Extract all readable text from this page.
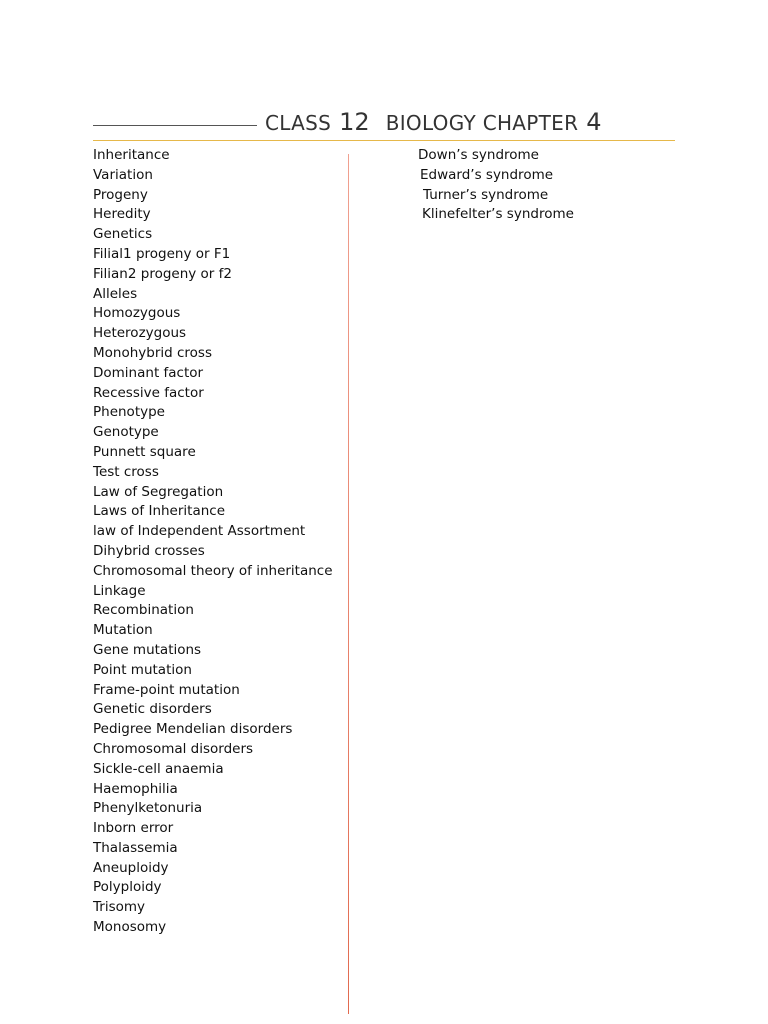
CLASS 12 BIOLOGY CHAPTER 4
Inheritance
Variation
Progeny
Heredity
Genetics
Filial1 progeny or F1
Filian2 progeny or f2
Alleles
Homozygous
Heterozygous
Monohybrid cross
Dominant factor
Recessive factor
Phenotype
Genotype
Punnett square
Test cross
Law of Segregation
Laws of Inheritance
law of Independent Assortment
Dihybrid crosses
Chromosomal theory of inheritance
Linkage
Recombination
Mutation
Gene mutations
Point mutation
Frame-point mutation
Genetic disorders
Pedigree Mendelian disorders
Chromosomal disorders
Sickle-cell anaemia
Haemophilia
Phenylketonuria
Inborn error
Thalassemia
Aneuploidy
Polyploidy
Trisomy
Monosomy
Down’s syndrome
Edward’s syndrome
Turner’s syndrome
Klinefelter’s syndrome
